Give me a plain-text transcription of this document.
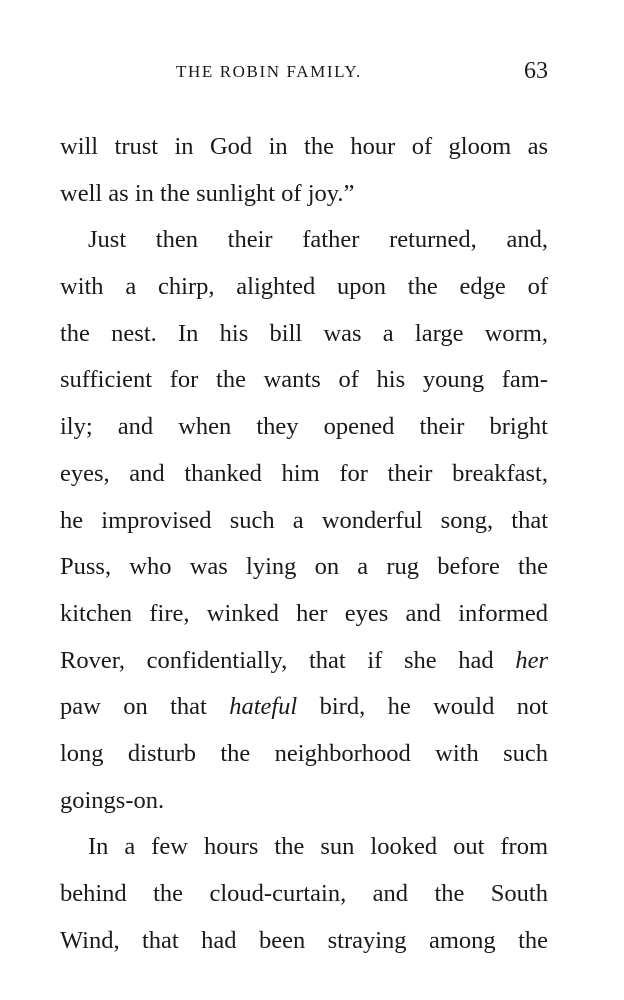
THE ROBIN FAMILY.	63
will trust in God in the hour of gloom as
well as in the sunlight of joy.”
Just then their father returned, and,
with a chirp, alighted upon the edge of
the nest. In his bill was a large worm,
sufficient for the wants of his young fam-
ily; and when they opened their bright
eyes, and thanked him for their breakfast,
he improvised such a wonderful song, that
Puss, who was lying on a rug before the
kitchen fire, winked her eyes and informed
Rover, confidentially, that if she had her
paw on that hateful bird, he would not
long disturb the neighborhood with such
goings-on.
In a few hours the sun looked out from
behind the cloud-curtain, and the South
Wind, that had been straying among the
